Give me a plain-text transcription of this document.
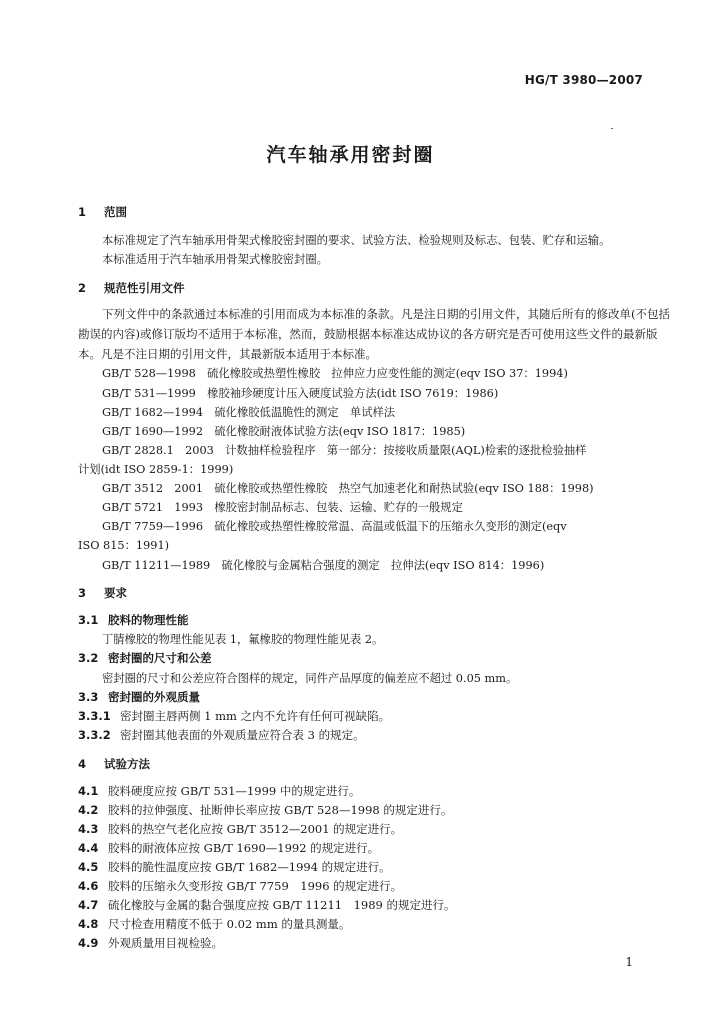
HG/T 3980—2007
汽车轴承用密封圈
1 范围
本标准规定了汽车轴承用骨架式橡胶密封圈的要求、试验方法、检验规则及标志、包装、贮存和运输。
本标准适用于汽车轴承用骨架式橡胶密封圈。
2 规范性引用文件
下列文件中的条款通过本标准的引用而成为本标准的条款。凡是注日期的引用文件，其随后所有的修改单(不包括勘误的内容)或修订版均不适用于本标准，然而，鼓励根据本标准达成协议的各方研究是否可使用这些文件的最新版本。凡是不注日期的引用文件，其最新版本适用于本标准。
GB/T 528—1998　硫化橡胶或热塑性橡胶　拉伸应力应变性能的测定(eqv ISO 37：1994)
GB/T 531—1999　橡胶袖珍硬度计压入硬度试验方法(idt ISO 7619：1986)
GB/T 1682—1994　硫化橡胶低温脆性的测定　单试样法
GB/T 1690—1992　硫化橡胶耐液体试验方法(eqv ISO 1817：1985)
GB/T 2828.1　2003　计数抽样检验程序　第一部分：按接收质量限(AQL)检索的逐批检验抽样
计划(idt ISO 2859-1：1999)
GB/T 3512　2001　硫化橡胶或热塑性橡胶　热空气加速老化和耐热试验(eqv ISO 188：1998)
GB/T 5721　1993　橡胶密封制品标志、包装、运输、贮存的一般规定
GB/T 7759—1996　硫化橡胶或热塑性橡胶常温、高温或低温下的压缩永久变形的测定(eqv
ISO 815：1991)
GB/T 11211—1989　硫化橡胶与金属粘合强度的测定　拉伸法(eqv ISO 814：1996)
3 要求
3.1 胶料的物理性能
丁腈橡胶的物理性能见表 1，氟橡胶的物理性能见表 2。
3.2 密封圈的尺寸和公差
密封圈的尺寸和公差应符合图样的规定，同件产品厚度的偏差应不超过 0.05 mm。
3.3 密封圈的外观质量
3.3.1 密封圈主唇两侧 1 mm 之内不允许有任何可视缺陷。
3.3.2 密封圈其他表面的外观质量应符合表 3 的规定。
4 试验方法
4.1 胶料硬度应按 GB/T 531—1999 中的规定进行。
4.2 胶料的拉伸强度、扯断伸长率应按 GB/T 528—1998 的规定进行。
4.3 胶料的热空气老化应按 GB/T 3512—2001 的规定进行。
4.4 胶料的耐液体应按 GB/T 1690—1992 的规定进行。
4.5 胶料的脆性温度应按 GB/T 1682—1994 的规定进行。
4.6 胶料的压缩永久变形按 GB/T 7759　1996 的规定进行。
4.7 硫化橡胶与金属的黏合强度应按 GB/T 11211　1989 的规定进行。
4.8 尺寸检查用精度不低于 0.02 mm 的量具测量。
4.9 外观质量用目视检验。
1
